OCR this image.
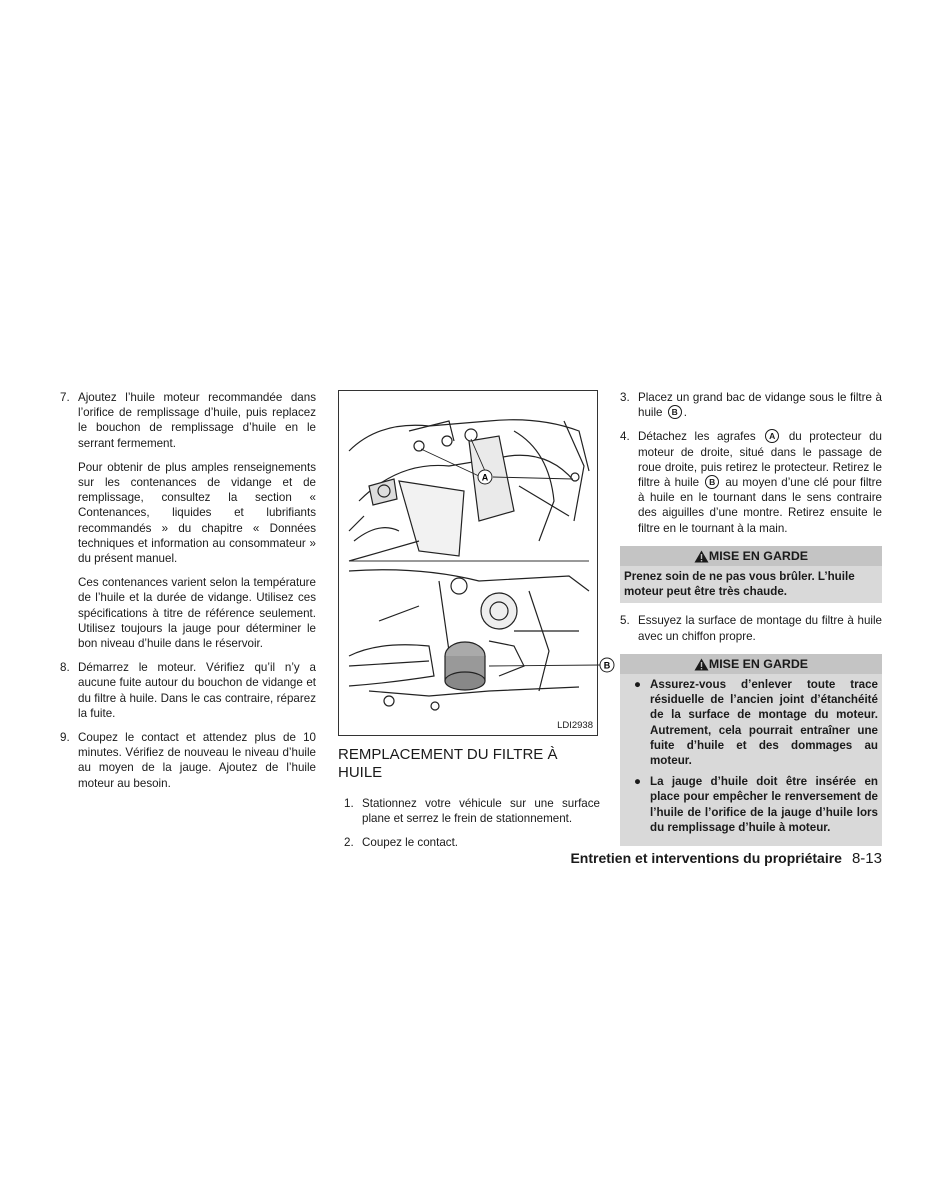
7. Ajoutez l’huile moteur recommandée dans l’orifice de remplissage d’huile, puis replacez le bouchon de remplissage d’huile en le serrant fermement.

Pour obtenir de plus amples renseignements sur les contenances de vidange et de remplissage, consultez la section « Contenances, liquides et lubrifiants recommandés » du chapitre « Données techniques et information au consommateur » du présent manuel.

Ces contenances varient selon la température de l’huile et la durée de vidange. Utilisez ces spécifications à titre de référence seulement. Utilisez toujours la jauge pour déterminer le bon niveau d’huile dans le réservoir.

8. Démarrez le moteur. Vérifiez qu’il n’y a aucune fuite autour du bouchon de vidange et du filtre à huile. Dans le cas contraire, réparez la fuite.

9. Coupez le contact et attendez plus de 10 minutes. Vérifiez de nouveau le niveau d’huile au moyen de la jauge. Ajoutez de l’huile moteur au besoin.

A
B
LDI2938
REMPLACEMENT DU FILTRE À HUILE
1. Stationnez votre véhicule sur une surface plane et serrez le frein de stationnement.

2. Coupez le contact.

3. Placez un grand bac de vidange sous le filtre à huile B .
4. Détachez les agrafes A du protecteur du moteur de droite, situé dans le passage de roue droite, puis retirez le protecteur. Retirez le filtre à huile B au moyen d’une clé pour filtre à huile en le tournant dans le sens contraire des aiguilles d’une montre. Retirez ensuite le filtre en le tournant à la main.
MISE EN GARDE
Prenez soin de ne pas vous brûler. L’huile moteur peut être très chaude.
5. Essuyez la surface de montage du filtre à huile avec un chiffon propre.

MISE EN GARDE
● Assurez-vous d’enlever toute trace résiduelle de l’ancien joint d’étanchéité de la surface de montage du moteur. Autrement, cela pourrait entraîner une fuite d’huile et des dommages au moteur.
● La jauge d’huile doit être insérée en place pour empêcher le renversement de l’huile de l’orifice de la jauge d’huile lors du remplissage d’huile à moteur.
Entretien et interventions du propriétaire 8-13
